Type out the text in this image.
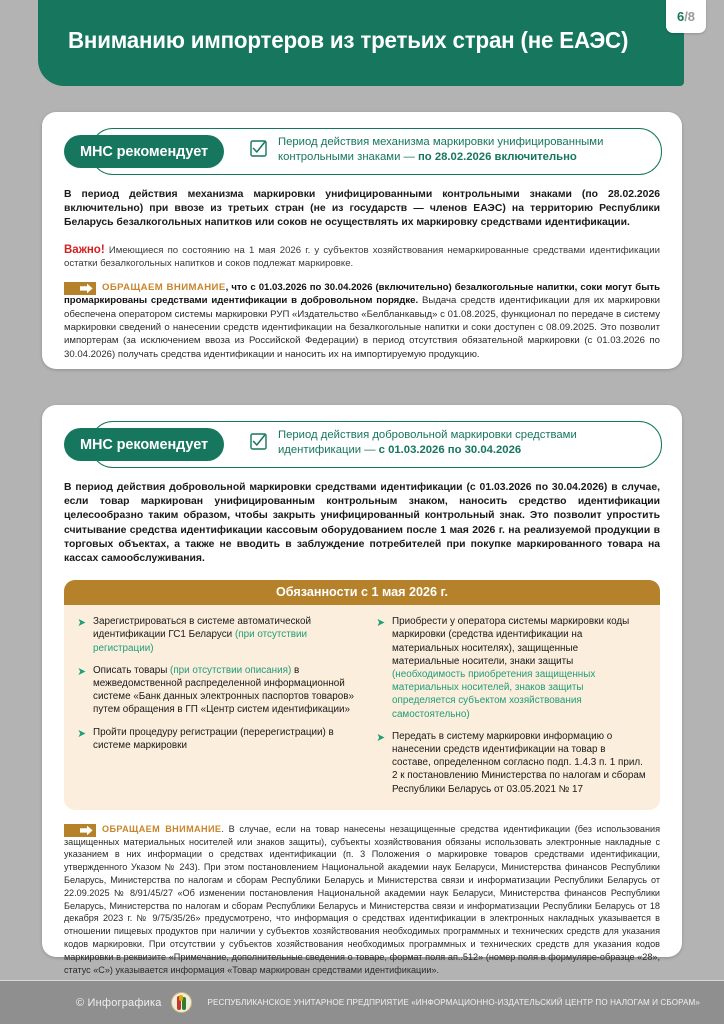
Вниманию импортеров из третьих стран (не ЕАЭС)
6 /8
МНС рекомендует
Период действия механизма маркировки унифицированными контрольными знаками — по 28.02.2026 включительно
В период действия механизма маркировки унифицированными контрольными знаками (по 28.02.2026 включительно) при ввозе из третьих стран (не из государств — членов ЕАЭС) на территорию Республики Беларусь безалкогольных напитков или соков не осуществлять их маркировку средствами идентификации.
Важно! Имеющиеся по состоянию на 1 мая 2026 г. у субъектов хозяйствования немаркированные средствами идентификации остатки безалкогольных напитков и соков подлежат маркировке.
ОБРАЩАЕМ ВНИМАНИЕ, что с 01.03.2026 по 30.04.2026 (включительно) безалкогольные напитки, соки могут быть промаркированы средствами идентификации в добровольном порядке. Выдача средств идентификации для их маркировки обеспечена оператором системы маркировки РУП «Издательство «Белбланкавыд» с 01.08.2025, функционал по передаче в систему маркировки сведений о нанесении средств идентификации на безалкогольные напитки и соки доступен с 08.09.2025. Это позволит импортерам (за исключением ввоза из Российской Федерации) в период отсутствия обязательной маркировки (с 01.03.2026 по 30.04.2026) получать средства идентификации и наносить их на импортируемую продукцию.
МНС рекомендует
Период действия добровольной маркировки средствами идентификации — с 01.03.2026 по 30.04.2026
В период действия добровольной маркировки средствами идентификации (с 01.03.2026 по 30.04.2026) в случае, если товар маркирован унифицированным контрольным знаком, наносить средство идентификации целесообразно таким образом, чтобы закрыть унифицированный контрольный знак. Это позволит упростить считывание средства идентификации кассовым оборудованием после 1 мая 2026 г. на реализуемой продукции в торговых объектах, а также не вводить в заблуждение потребителей при покупке маркированного товара на кассах самообслуживания.
Обязанности с 1 мая 2026 г.
Зарегистрироваться в системе автоматической идентификации ГС1 Беларуси (при отсутствии регистрации)
Описать товары (при отсутствии описания) в межведомственной распределенной информационной системе «Банк данных электронных паспортов товаров» путем обращения в ГП «Центр систем идентификации»
Пройти процедуру регистрации (перерегистрации) в системе маркировки
Приобрести у оператора системы маркировки коды маркировки (средства идентификации на материальных носителях), защищенные материальные носители, знаки защиты (необходимость приобретения защищенных материальных носителей, знаков защиты определяется субъектом хозяйствования самостоятельно)
Передать в систему маркировки информацию о нанесении средств идентификации на товар в составе, определенном согласно подп. 1.4.3 п. 1 прил. 2 к постановлению Министерства по налогам и сборам Республики Беларусь от 03.05.2021 № 17
ОБРАЩАЕМ ВНИМАНИЕ. В случае, если на товар нанесены незащищенные средства идентификации (без использования защищенных материальных носителей или знаков защиты), субъекты хозяйствования обязаны использовать электронные накладные с указанием в них информации о средствах идентификации (п. 3 Положения о маркировке товаров средствами идентификации, утвержденного Указом № 243). При этом постановлением Национальной академии наук Беларуси, Министерства финансов Республики Беларусь, Министерства по налогам и сборам Республики Беларусь и Министерства связи и информатизации Республики Беларусь от 22.09.2025 № 8/91/45/27 «Об изменении постановления Национальной академии наук Беларуси, Министерства финансов Республики Беларусь, Министерства по налогам и сборам Республики Беларусь и Министерства связи и информатизации Республики Беларусь от 18 декабря 2023 г. № 9/75/35/26» предусмотрено, что информация о средствах идентификации в электронных накладных указывается в отношении пищевых продуктов при наличии у субъектов хозяйствования необходимых программных и технических средств для указания кодов маркировки. При отсутствии у субъектов хозяйствования необходимых программных и технических средств для указания кодов маркировки в реквизите «Примечание, дополнительные сведения о товаре, формат поля ап..512» (номер поля в формуляре-образце «28», статус «С») указывается информация «Товар маркирован средствами идентификации».
© Инфографика	РЕСПУБЛИКАНСКОЕ УНИТАРНОЕ ПРЕДПРИЯТИЕ «ИНФОРМАЦИОННО-ИЗДАТЕЛЬСКИЙ ЦЕНТР ПО НАЛОГАМ И СБОРАМ»
